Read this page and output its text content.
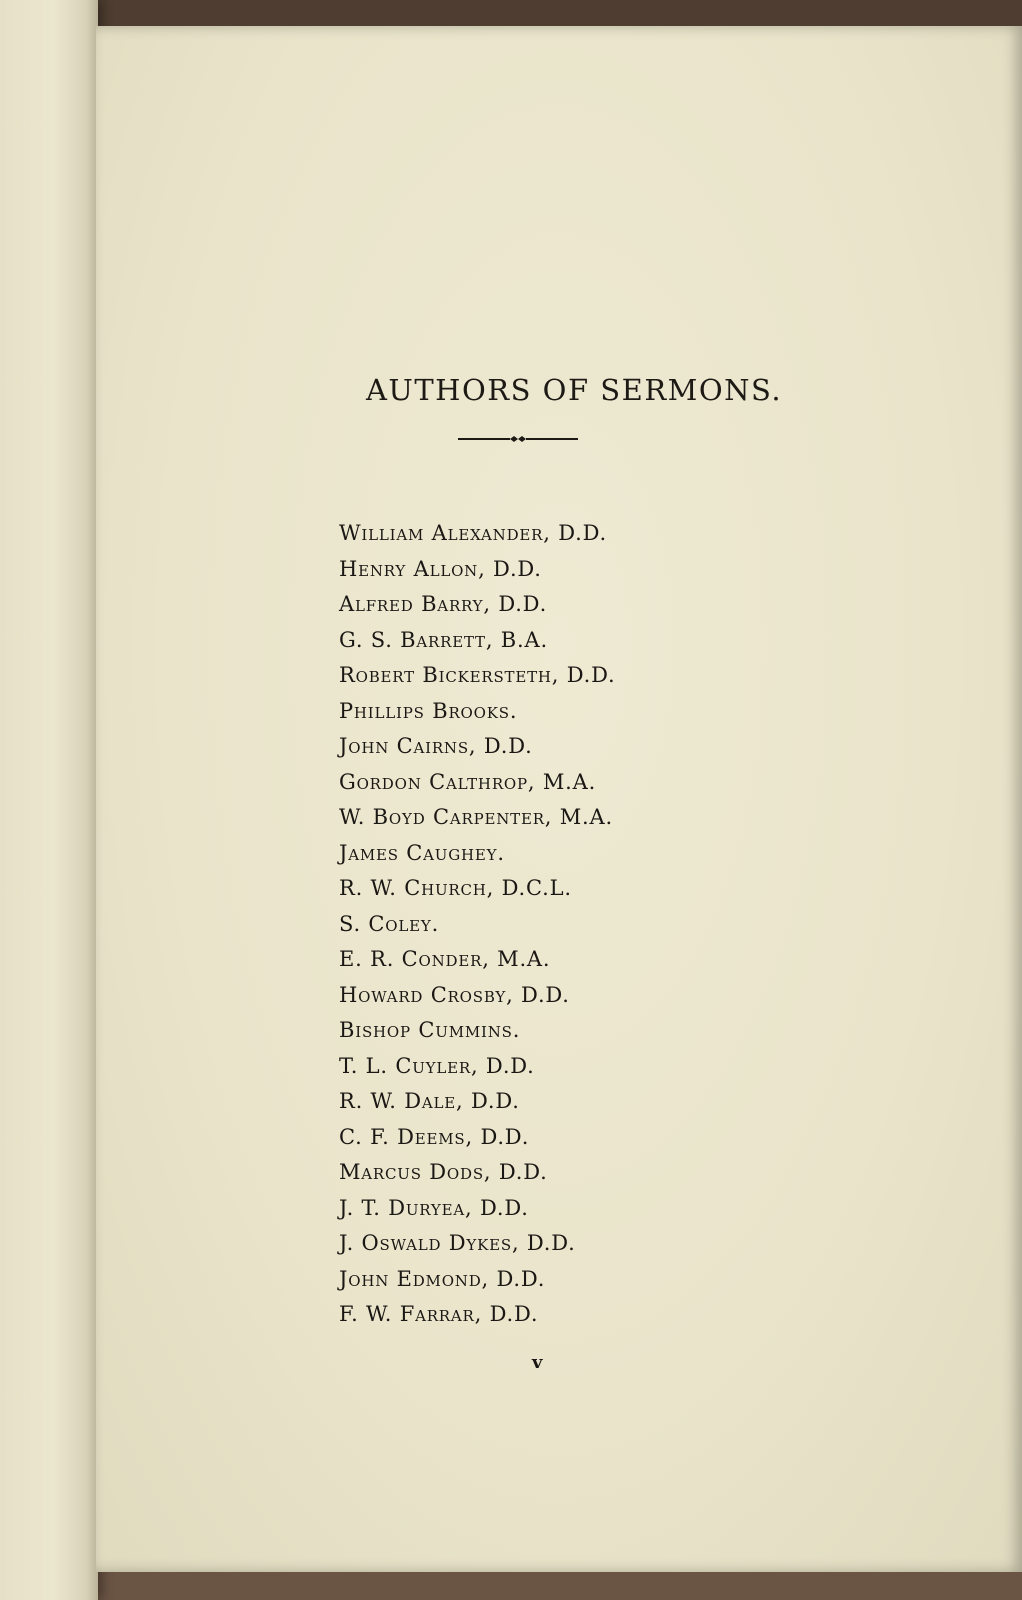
AUTHORS OF SERMONS.
William Alexander, D.D.
Henry Allon, D.D.
Alfred Barry, D.D.
G. S. Barrett, B.A.
Robert Bickersteth, D.D.
Phillips Brooks.
John Cairns, D.D.
Gordon Calthrop, M.A.
W. Boyd Carpenter, M.A.
James Caughey.
R. W. Church, D.C.L.
S. Coley.
E. R. Conder, M.A.
Howard Crosby, D.D.
Bishop Cummins.
T. L. Cuyler, D.D.
R. W. Dale, D.D.
C. F. Deems, D.D.
Marcus Dods, D.D.
J. T. Duryea, D.D.
J. Oswald Dykes, D.D.
John Edmond, D.D.
F. W. Farrar, D.D.
v
